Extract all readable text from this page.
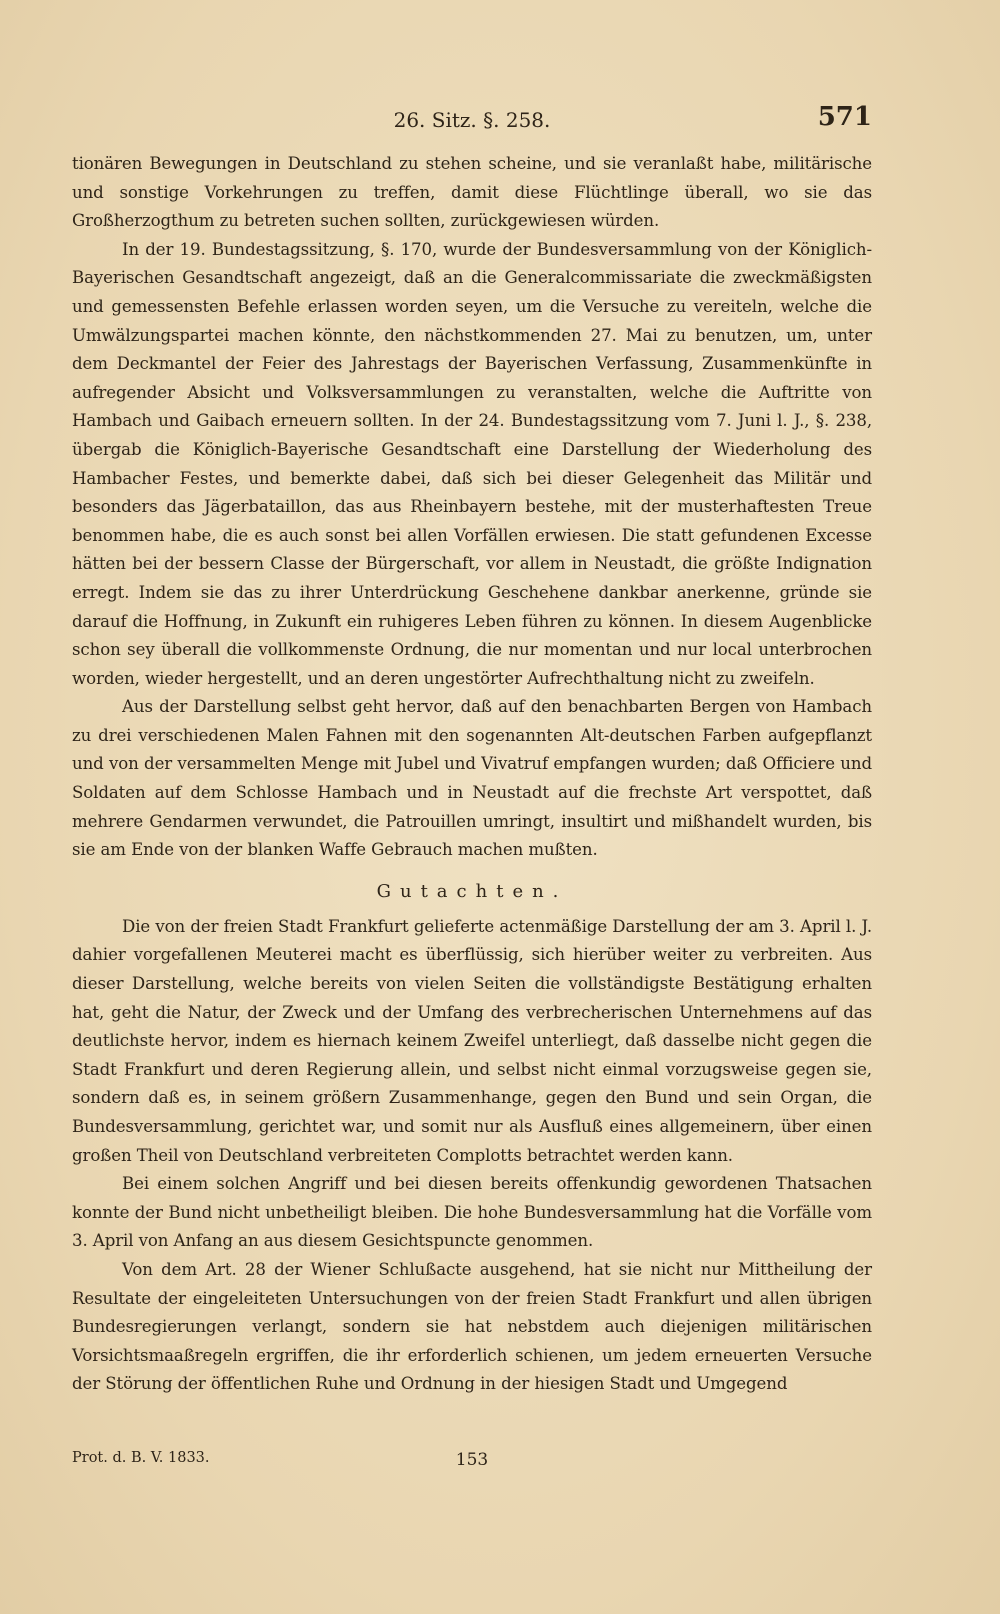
26. Sitz. §. 258.	571

tionären Bewegungen in Deutschland zu stehen scheine, und sie veranlaßt habe, militärische und sonstige Vorkehrungen zu treffen, damit diese Flüchtlinge überall, wo sie das Großherzogthum zu betreten suchen sollten, zurückgewiesen würden.

In der 19. Bundestagssitzung, §. 170, wurde der Bundesversammlung von der Königlich-Bayerischen Gesandtschaft angezeigt, daß an die Generalcommissariate die zweckmäßigsten und gemessensten Befehle erlassen worden seyen, um die Versuche zu vereiteln, welche die Umwälzungspartei machen könnte, den nächstkommenden 27. Mai zu benutzen, um, unter dem Deckmantel der Feier des Jahrestags der Bayerischen Verfassung, Zusammenkünfte in aufregender Absicht und Volksversammlungen zu veranstalten, welche die Auftritte von Hambach und Gaibach erneuern sollten. In der 24. Bundestagssitzung vom 7. Juni l. J., §. 238, übergab die Königlich-Bayerische Gesandtschaft eine Darstellung der Wiederholung des Hambacher Festes, und bemerkte dabei, daß sich bei dieser Gelegenheit das Militär und besonders das Jägerbataillon, das aus Rheinbayern bestehe, mit der musterhaftesten Treue benommen habe, die es auch sonst bei allen Vorfällen erwiesen. Die statt gefundenen Excesse hätten bei der bessern Classe der Bürgerschaft, vor allem in Neustadt, die größte Indignation erregt. Indem sie das zu ihrer Unterdrückung Geschehene dankbar anerkenne, gründe sie darauf die Hoffnung, in Zukunft ein ruhigeres Leben führen zu können. In diesem Augenblicke schon sey überall die vollkommenste Ordnung, die nur momentan und nur local unterbrochen worden, wieder hergestellt, und an deren ungestörter Aufrechthaltung nicht zu zweifeln.

Aus der Darstellung selbst geht hervor, daß auf den benachbarten Bergen von Hambach zu drei verschiedenen Malen Fahnen mit den sogenannten Alt-deutschen Farben aufgepflanzt und von der versammelten Menge mit Jubel und Vivatruf empfangen wurden; daß Officiere und Soldaten auf dem Schlosse Hambach und in Neustadt auf die frechste Art verspottet, daß mehrere Gendarmen verwundet, die Patrouillen umringt, insultirt und mißhandelt wurden, bis sie am Ende von der blanken Waffe Gebrauch machen mußten.

Gutachten.

Die von der freien Stadt Frankfurt gelieferte actenmäßige Darstellung der am 3. April l. J. dahier vorgefallenen Meuterei macht es überflüssig, sich hierüber weiter zu verbreiten. Aus dieser Darstellung, welche bereits von vielen Seiten die vollständigste Bestätigung erhalten hat, geht die Natur, der Zweck und der Umfang des verbrecherischen Unternehmens auf das deutlichste hervor, indem es hiernach keinem Zweifel unterliegt, daß dasselbe nicht gegen die Stadt Frankfurt und deren Regierung allein, und selbst nicht einmal vorzugsweise gegen sie, sondern daß es, in seinem größern Zusammenhange, gegen den Bund und sein Organ, die Bundesversammlung, gerichtet war, und somit nur als Ausfluß eines allgemeinern, über einen großen Theil von Deutschland verbreiteten Complotts betrachtet werden kann.

Bei einem solchen Angriff und bei diesen bereits offenkundig gewordenen Thatsachen konnte der Bund nicht unbetheiligt bleiben. Die hohe Bundesversammlung hat die Vorfälle vom 3. April von Anfang an aus diesem Gesichtspuncte genommen.

Von dem Art. 28 der Wiener Schlußacte ausgehend, hat sie nicht nur Mittheilung der Resultate der eingeleiteten Untersuchungen von der freien Stadt Frankfurt und allen übrigen Bundesregierungen verlangt, sondern sie hat nebstdem auch diejenigen militärischen Vorsichtsmaaßregeln ergriffen, die ihr erforderlich schienen, um jedem erneuerten Versuche der Störung der öffentlichen Ruhe und Ordnung in der hiesigen Stadt und Umgegend

Prot. d. B. V. 1833.	153
